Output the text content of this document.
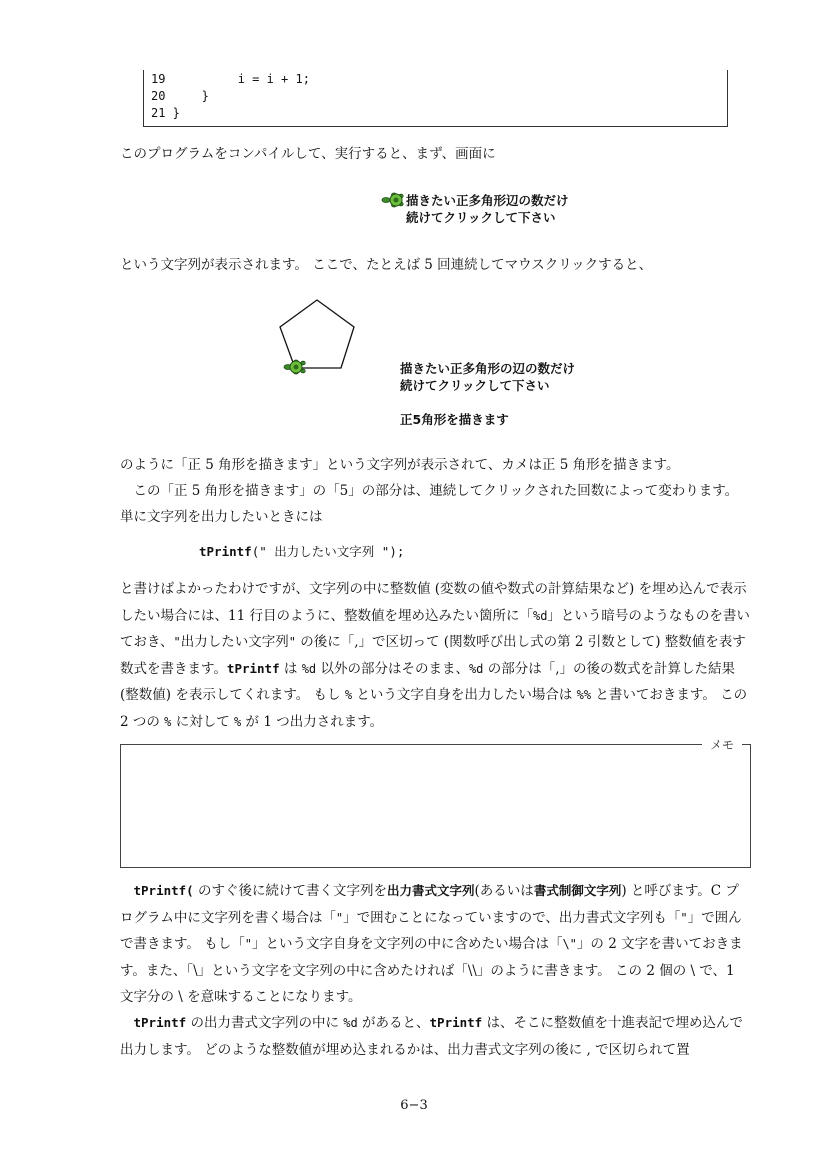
19          i = i + 1;
20     }
21 }
このプログラムをコンパイルして、実行すると、まず、画面に
描きたい正多角形辺の数だけ
続けてクリックして下さい
という文字列が表示されます。 ここで、たとえば 5 回連続してマウスクリックすると、
描きたい正多角形の辺の数だけ
続けてクリックして下さい
正5角形を描きます
のように「正 5 角形を描きます」という文字列が表示されて、カメは正 5 角形を描きます。
この「正 5 角形を描きます」の「5」の部分は、連続してクリックされた回数によって変わります。
単に文字列を出力したいときには
tPrintf(" 出力したい文字列 ");
と書けばよかったわけですが、文字列の中に整数値 (変数の値や数式の計算結果など) を埋め込んで表示したい場合には、11 行目のように、整数値を埋め込みたい箇所に「%d」という暗号のようなものを書いておき、"出力したい文字列" の後に「,」で区切って (関数呼び出し式の第 2 引数として) 整数値を表す数式を書きます。tPrintf は %d 以外の部分はそのまま、%d の部分は「,」の後の数式を計算した結果 (整数値) を表示してくれます。 もし % という文字自身を出力したい場合は %% と書いておきます。 この 2 つの % に対して % が 1 つ出力されます。
メモ
tPrintf( のすぐ後に続けて書く文字列を出力書式文字列(あるいは書式制御文字列) と呼びます。C プログラム中に文字列を書く場合は「"」で囲むことになっていますので、出力書式文字列も「"」で囲んで書きます。 もし「"」という文字自身を文字列の中に含めたい場合は「\"」の 2 文字を書いておきます。また、「\」という文字を文字列の中に含めたければ「\\」のように書きます。 この 2 個の \ で、1 文字分の \ を意味することになります。
tPrintf の出力書式文字列の中に %d があると、tPrintf は、そこに整数値を十進表記で埋め込んで出力します。 どのような整数値が埋め込まれるかは、出力書式文字列の後に , で区切られて置
6−3
